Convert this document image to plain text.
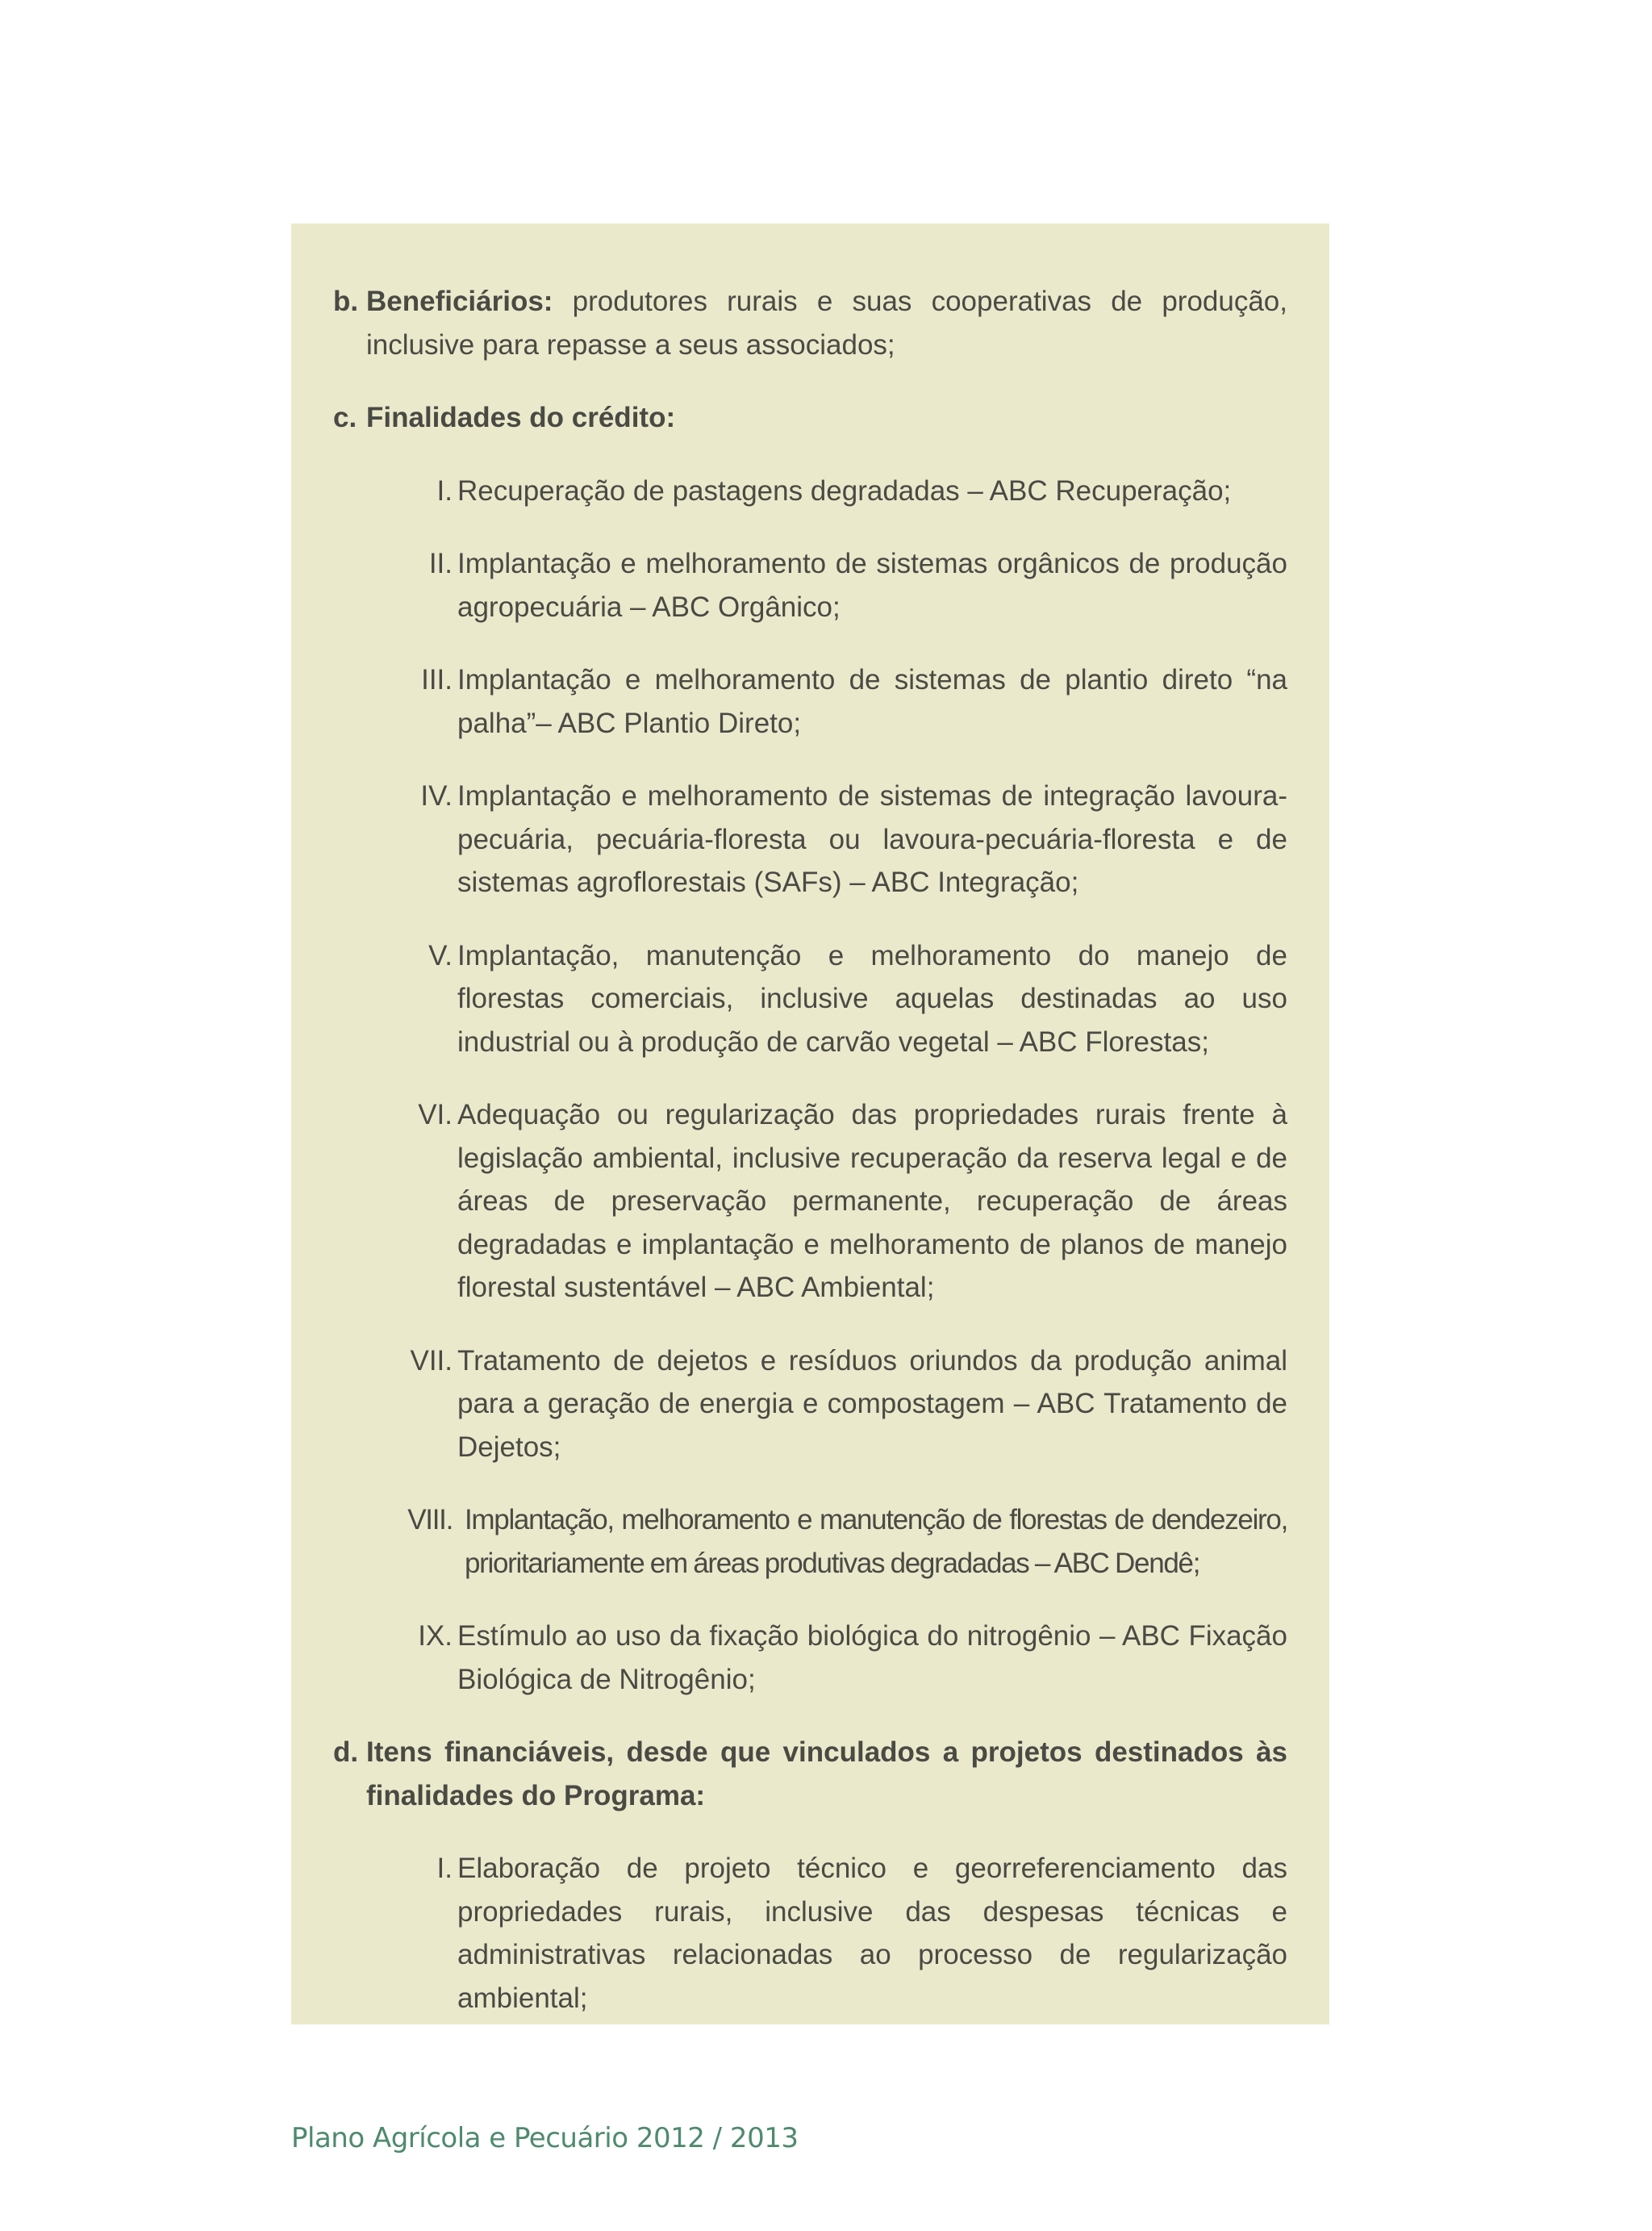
b. Beneficiários: produtores rurais e suas cooperativas de produção, inclusive para repasse a seus associados;
c. Finalidades do crédito:
I. Recuperação de pastagens degradadas – ABC Recuperação;
II. Implantação e melhoramento de sistemas orgânicos de produção agropecuária – ABC Orgânico;
III. Implantação e melhoramento de sistemas de plantio direto “na palha”– ABC Plantio Direto;
IV. Implantação e melhoramento de sistemas de integração lavoura-pecuária, pecuária-floresta ou lavoura-pecuária-floresta e de sistemas agroflorestais (SAFs) – ABC Integração;
V. Implantação, manutenção e melhoramento do manejo de florestas comerciais, inclusive aquelas destinadas ao uso industrial ou à produção de carvão vegetal – ABC Florestas;
VI. Adequação ou regularização das propriedades rurais frente à legislação ambiental, inclusive recuperação da reserva legal e de áreas de preservação permanente, recuperação de áreas degradadas e implantação e melhoramento de planos de manejo florestal sustentável – ABC Ambiental;
VII. Tratamento de dejetos e resíduos oriundos da produção animal para a geração de energia e compostagem – ABC Tratamento de Dejetos;
VIII. Implantação, melhoramento e manutenção de florestas de dendezeiro, prioritariamente em áreas produtivas degradadas – ABC Dendê;
IX. Estímulo ao uso da fixação biológica do nitrogênio – ABC Fixação Biológica de Nitrogênio;
d. Itens financiáveis, desde que vinculados a projetos destinados às finalidades do Programa:
I. Elaboração de projeto técnico e georreferenciamento das propriedades rurais, inclusive das despesas técnicas e administrativas relacionadas ao processo de regularização ambiental;
Plano Agrícola e Pecuário 2012 / 2013
